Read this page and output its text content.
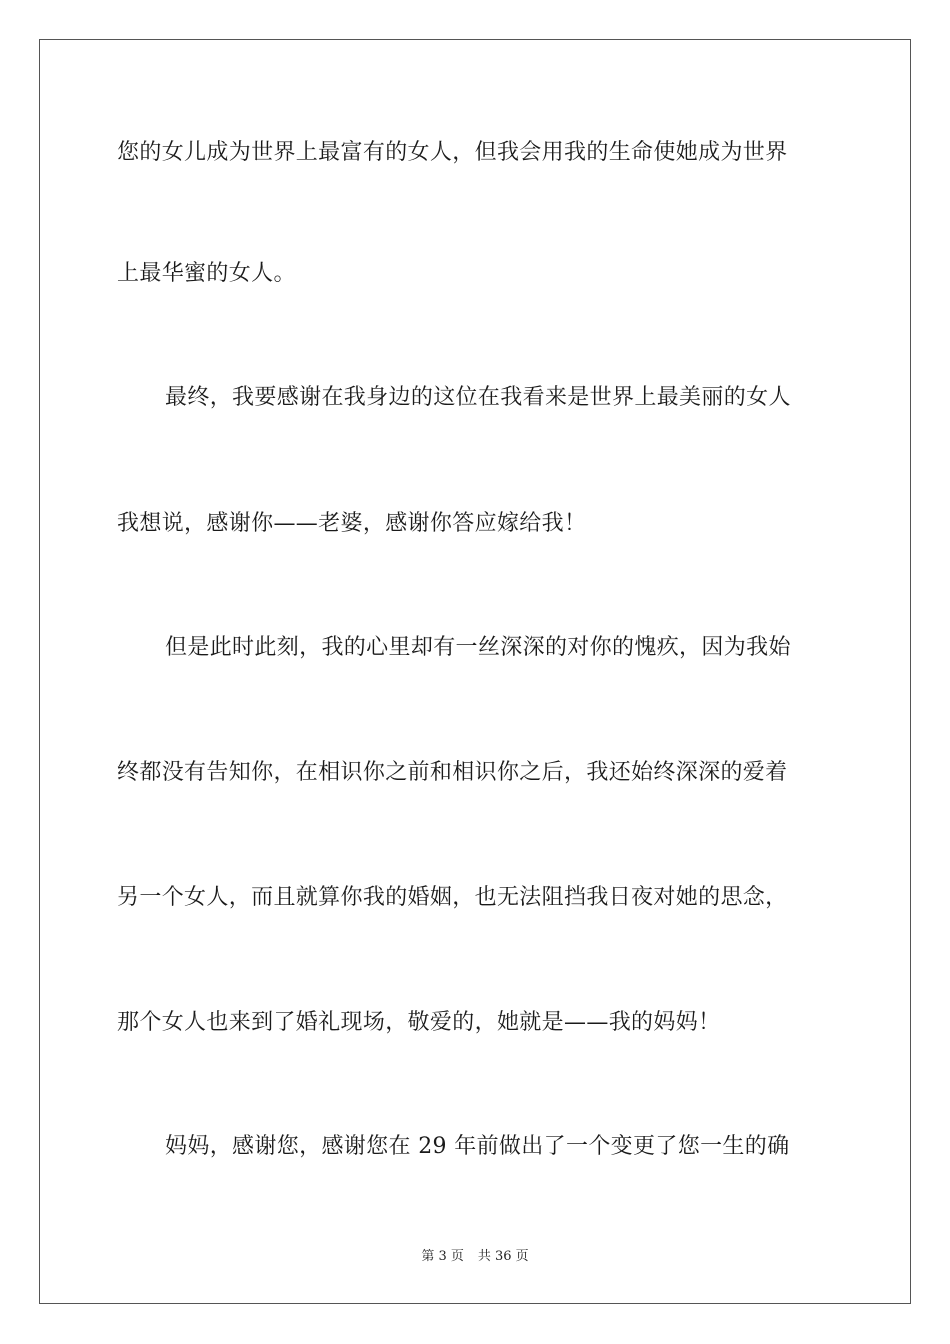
您的女儿成为世界上最富有的女人，但我会用我的生命使她成为世界
上最华蜜的女人。
最终，我要感谢在我身边的这位在我看来是世界上最美丽的女人
我想说，感谢你——老婆，感谢你答应嫁给我！
但是此时此刻，我的心里却有一丝深深的对你的愧疚，因为我始
终都没有告知你，在相识你之前和相识你之后，我还始终深深的爱着
另一个女人，而且就算你我的婚姻，也无法阻挡我日夜对她的思念，
那个女人也来到了婚礼现场，敬爱的，她就是——我的妈妈！
妈妈，感谢您，感谢您在 29 年前做出了一个变更了您一生的确
第 3 页 共 36 页
